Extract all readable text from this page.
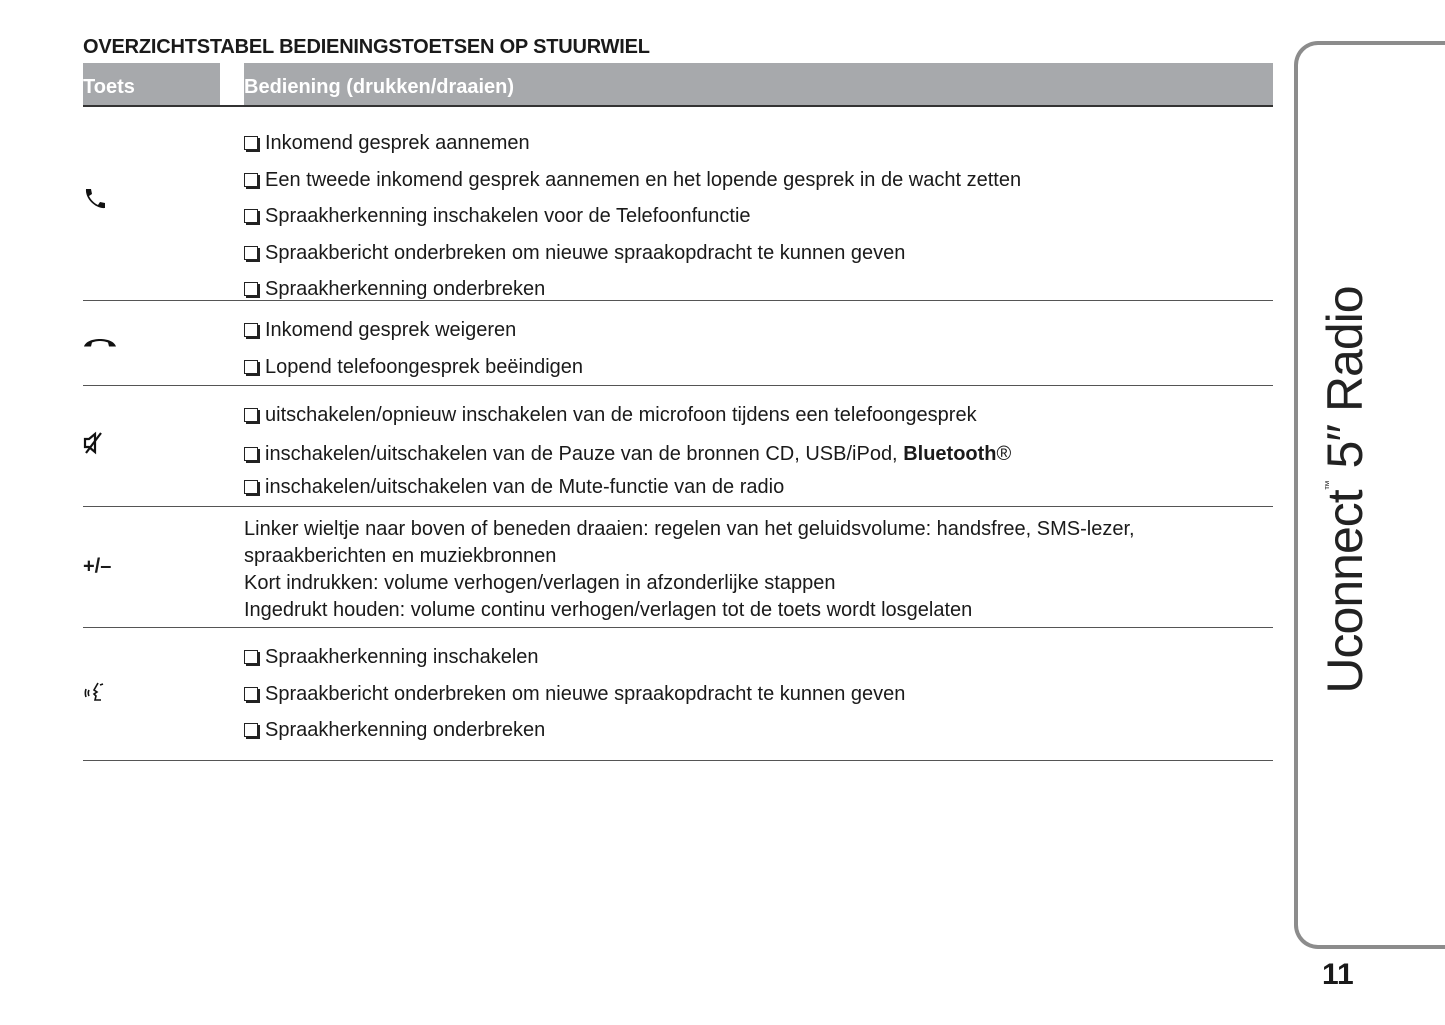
OVERZICHTSTABEL BEDIENINGSTOETSEN OP STUURWIEL
Toets	Bediening (drukken/draaien)
Inkomend gesprek aannemen
Een tweede inkomend gesprek aannemen en het lopende gesprek in de wacht zetten
Spraakherkenning inschakelen voor de Telefoonfunctie
Spraakbericht onderbreken om nieuwe spraakopdracht te kunnen geven
Spraakherkenning onderbreken
Inkomend gesprek weigeren
Lopend telefoongesprek beëindigen
uitschakelen/opnieuw inschakelen van de microfoon tijdens een telefoongesprek
inschakelen/uitschakelen van de Pauze van de bronnen CD, USB/iPod, Bluetooth®
inschakelen/uitschakelen van de Mute-functie van de radio
+/–
Linker wieltje naar boven of beneden draaien: regelen van het geluidsvolume: handsfree, SMS-lezer,
spraakberichten en muziekbronnen
Kort indrukken: volume verhogen/verlagen in afzonderlijke stappen
Ingedrukt houden: volume continu verhogen/verlagen tot de toets wordt losgelaten
Spraakherkenning inschakelen
Spraakbericht onderbreken om nieuwe spraakopdracht te kunnen geven
Spraakherkenning onderbreken
Uconnect™ 5″ Radio
11
